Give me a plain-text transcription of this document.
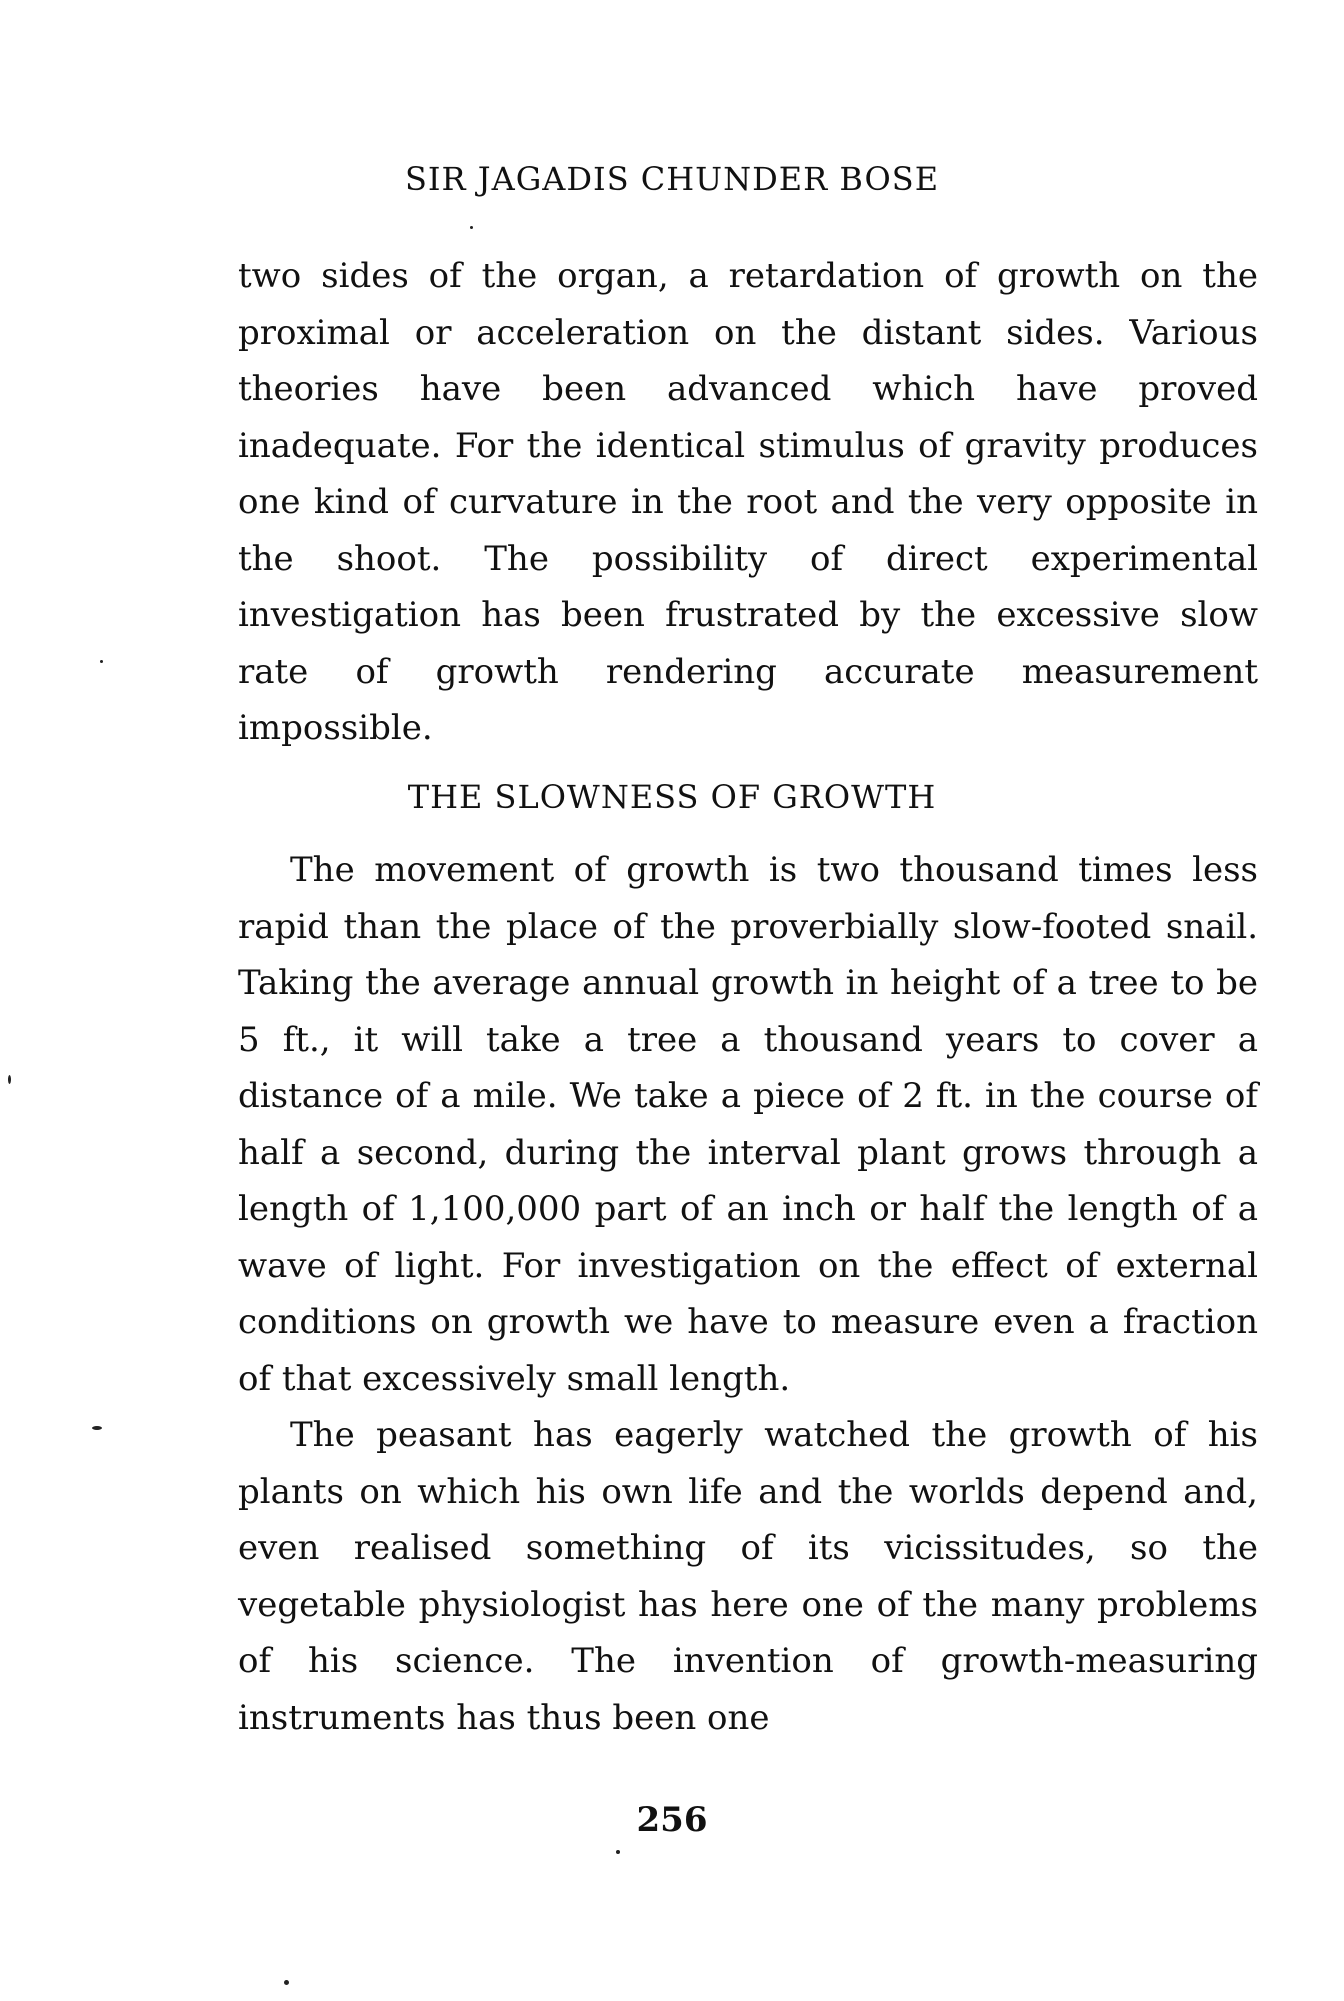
SIR JAGADIS CHUNDER BOSE

two sides of the organ, a retardation of growth on the proximal or acceleration on the distant sides. Various theories have been advanced which have proved inadequate. For the identical stimulus of gravity produces one kind of curvature in the root and the very opposite in the shoot. The possibility of direct experimental investigation has been frustrated by the excessive slow rate of growth rendering accurate measurement impossible.

THE SLOWNESS OF GROWTH

The movement of growth is two thousand times less rapid than the place of the proverbially slow-footed snail. Taking the average annual growth in height of a tree to be 5 ft., it will take a tree a thousand years to cover a distance of a mile. We take a piece of 2 ft. in the course of half a second, during the interval plant grows through a length of 1,100,000 part of an inch or half the length of a wave of light. For investigation on the effect of external conditions on growth we have to measure even a fraction of that excessively small length.

The peasant has eagerly watched the growth of his plants on which his own life and the worlds depend and, even realised something of its vicissitudes, so the vegetable physiologist has here one of the many problems of his science. The invention of growth-measuring instruments has thus been one

256
